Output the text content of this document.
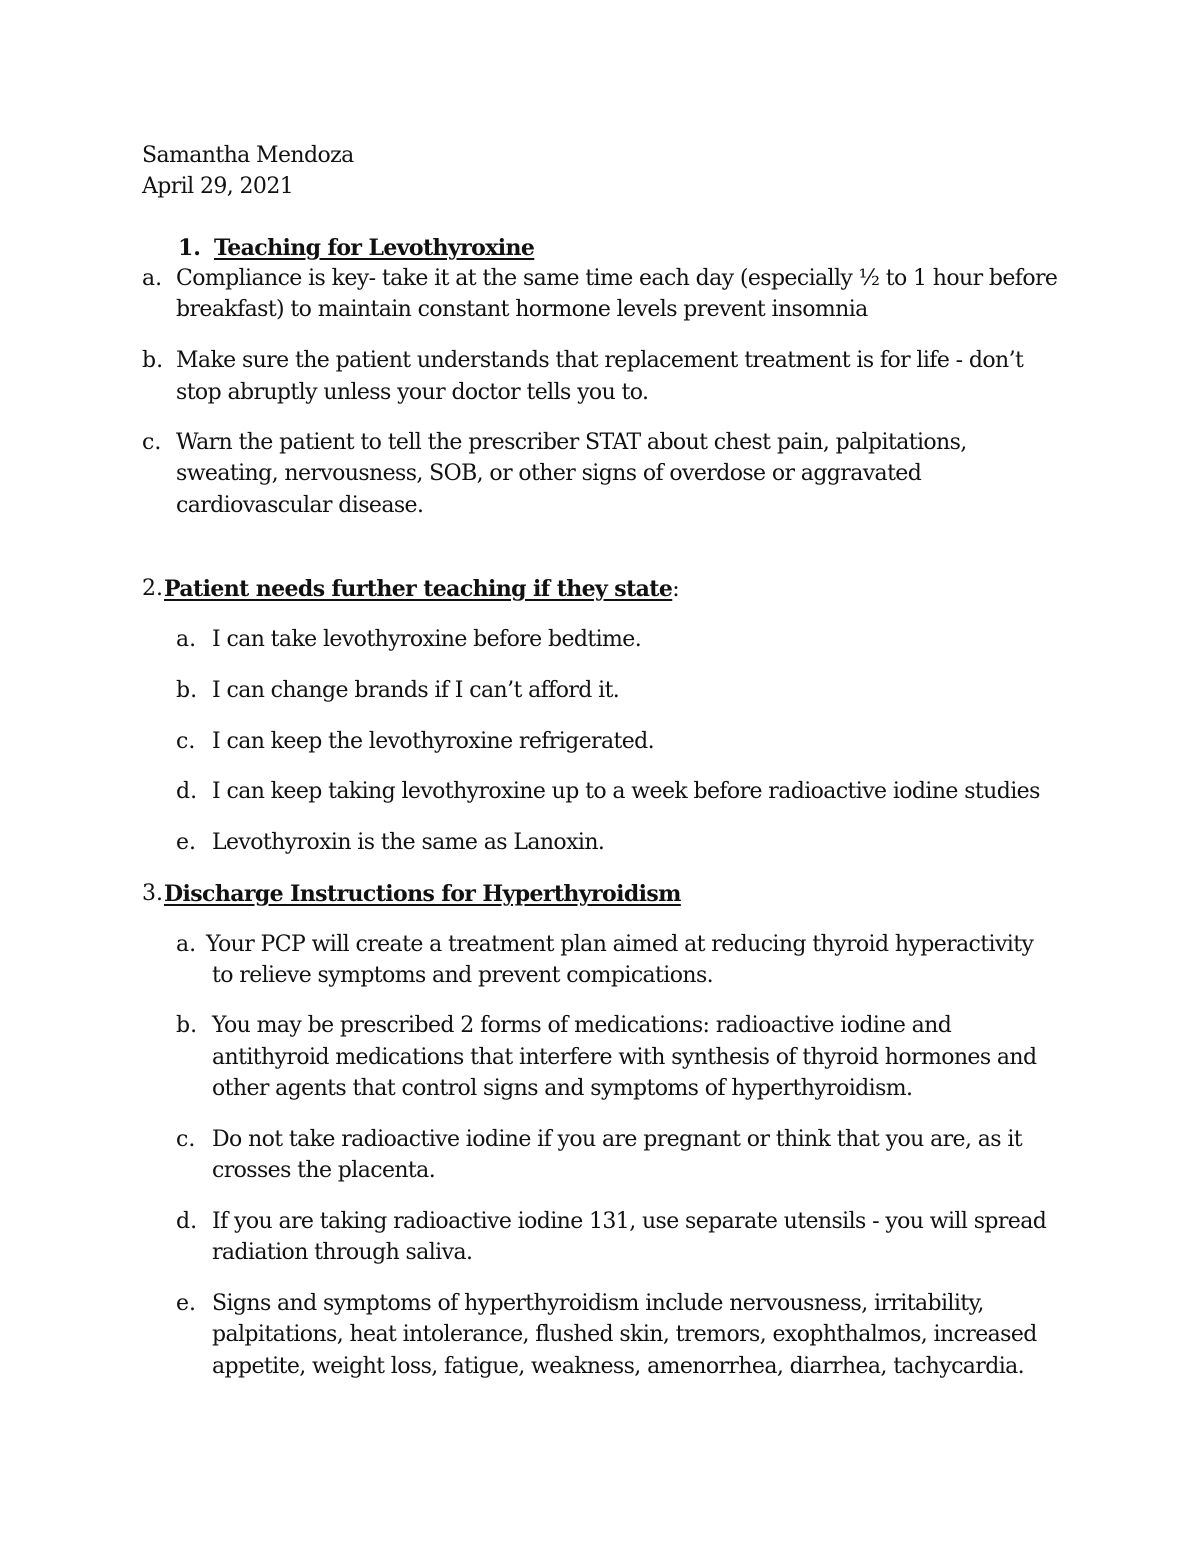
Samantha Mendoza
April 29, 2021
1. Teaching for Levothyroxine
a. Compliance is key- take it at the same time each day (especially ½ to 1 hour before
breakfast) to maintain constant hormone levels prevent insomnia
b. Make sure the patient understands that replacement treatment is for life - don’t
stop abruptly unless your doctor tells you to.
c. Warn the patient to tell the prescriber STAT about chest pain, palpitations,
sweating, nervousness, SOB, or other signs of overdose or aggravated
cardiovascular disease.
2. Patient needs further teaching if they state:
a. I can take levothyroxine before bedtime.
b. I can change brands if I can’t afford it.
c. I can keep the levothyroxine refrigerated.
d. I can keep taking levothyroxine up to a week before radioactive iodine studies
e. Levothyroxin is the same as Lanoxin.
3. Discharge Instructions for Hyperthyroidism
a. Your PCP will create a treatment plan aimed at reducing thyroid hyperactivity
to relieve symptoms and prevent compications.
b. You may be prescribed 2 forms of medications: radioactive iodine and
antithyroid medications that interfere with synthesis of thyroid hormones and
other agents that control signs and symptoms of hyperthyroidism.
c. Do not take radioactive iodine if you are pregnant or think that you are, as it
crosses the placenta.
d. If you are taking radioactive iodine 131, use separate utensils - you will spread
radiation through saliva.
e. Signs and symptoms of hyperthyroidism include nervousness, irritability,
palpitations, heat intolerance, flushed skin, tremors, exophthalmos, increased
appetite, weight loss, fatigue, weakness, amenorrhea, diarrhea, tachycardia.
